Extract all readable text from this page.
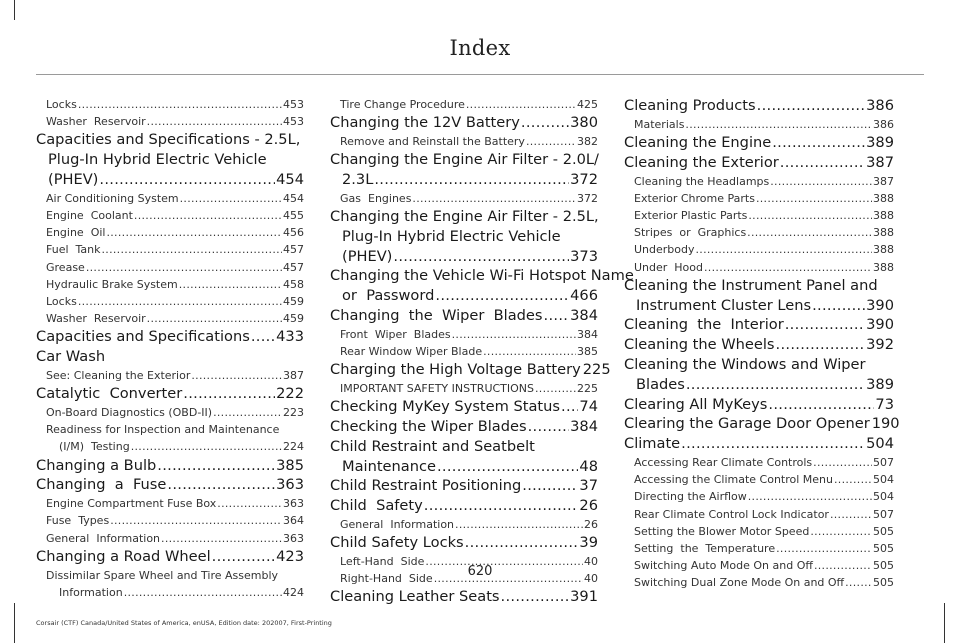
Index
Locks .....	453
Washer  Reservoir .....	453
Capacities and Specifications - 2.5L,
Plug-In Hybrid Electric Vehicle
(PHEV) .....	454
Air Conditioning System .....	454
Engine  Coolant .....	455
Engine  Oil .....	456
Fuel  Tank .....	457
Grease .....	457
Hydraulic Brake System .....	458
Locks .....	459
Washer  Reservoir .....	459
Capacities and Specifications ..... 433
Car Wash
See: Cleaning the Exterior .....	387
Catalytic  Converter .....	222
On-Board Diagnostics (OBD-II) .....	223
Readiness for Inspection and Maintenance
(I/M)  Testing .....	224
Changing a Bulb .....	385
Changing  a  Fuse .....	363
Engine Compartment Fuse Box .....	363
Fuse  Types .....	364
General  Information .....	363
Changing a Road Wheel .....	423
Dissimilar Spare Wheel and Tire Assembly
Information .....	424
Tire Change Procedure .....	425
Changing the 12V Battery .....	380
Remove and Reinstall the Battery .....	382
Changing the Engine Air Filter - 2.0L/
2.3L .....	372
Gas  Engines .....	372
Changing the Engine Air Filter - 2.5L,
Plug-In Hybrid Electric Vehicle
(PHEV) .....	373
Changing the Vehicle Wi-Fi Hotspot Name
or  Password .....	466
Changing  the  Wiper  Blades ..... 384
Front  Wiper  Blades .....	384
Rear Window Wiper Blade .....	385
Charging the High Voltage Battery 225
IMPORTANT SAFETY INSTRUCTIONS .....	225
Checking MyKey System Status ..... 74
Checking the Wiper Blades .....	384
Child Restraint and Seatbelt
Maintenance .....	48
Child Restraint Positioning .....	37
Child  Safety .....	26
General  Information .....	26
Child Safety Locks .....	39
Left-Hand  Side .....	40
Right-Hand  Side .....	40
Cleaning Leather Seats .....	391
Cleaning Products .....	386
Materials .....	386
Cleaning the Engine .....	389
Cleaning the Exterior .....	387
Cleaning the Headlamps .....	387
Exterior Chrome Parts .....	388
Exterior Plastic Parts .....	388
Stripes  or  Graphics .....	388
Underbody .....	388
Under  Hood .....	388
Cleaning the Instrument Panel and
Instrument Cluster Lens .....	390
Cleaning  the  Interior .....	390
Cleaning the Wheels .....	392
Cleaning the Windows and Wiper
Blades .....	389
Clearing All MyKeys .....	73
Clearing the Garage Door Opener 190
Climate .....	504
Accessing Rear Climate Controls .....	507
Accessing the Climate Control Menu .....	504
Directing the Airflow .....	504
Rear Climate Control Lock Indicator .....	507
Setting the Blower Motor Speed .....	505
Setting  the  Temperature .....	505
Switching Auto Mode On and Off .....	505
Switching Dual Zone Mode On and Off .....	505
620
Corsair (CTF) Canada/United States of America, enUSA, Edition date: 202007, First-Printing
